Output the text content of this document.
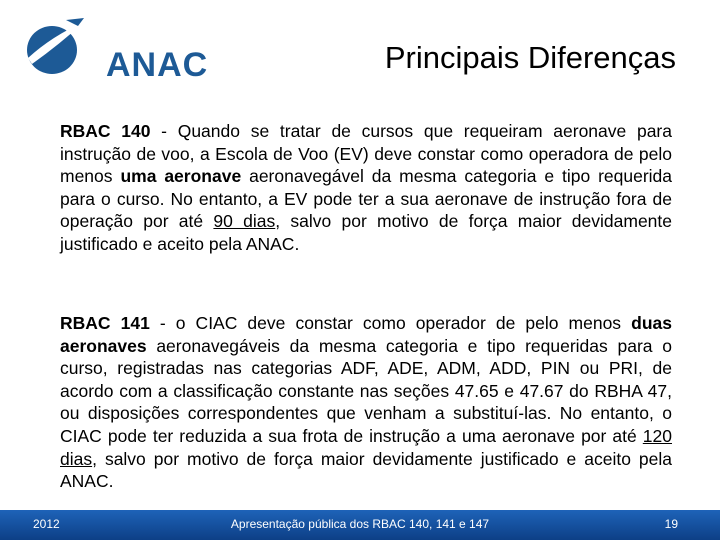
ANAC	Principais Diferenças
RBAC 140 - Quando se tratar de cursos que requeiram aeronave para instrução de voo, a Escola de Voo (EV) deve constar como operadora de pelo menos uma aeronave aeronavegável da mesma categoria e tipo requerida para o curso. No entanto, a EV pode ter a sua aeronave de instrução fora de operação por até 90 dias, salvo por motivo de força maior devidamente justificado e aceito pela ANAC.
RBAC 141 - o CIAC deve constar como operador de pelo menos duas aeronaves aeronavegáveis da mesma categoria e tipo requeridas para o curso, registradas nas categorias ADF, ADE, ADM, ADD, PIN ou PRI, de acordo com a classificação constante nas seções 47.65 e 47.67 do RBHA 47, ou disposições correspondentes que venham a substituí-las. No entanto, o CIAC pode ter reduzida a sua frota de instrução a uma aeronave por até 120 dias, salvo por motivo de força maior devidamente justificado e aceito pela ANAC.
2012	Apresentação pública dos RBAC 140, 141 e 147	19
